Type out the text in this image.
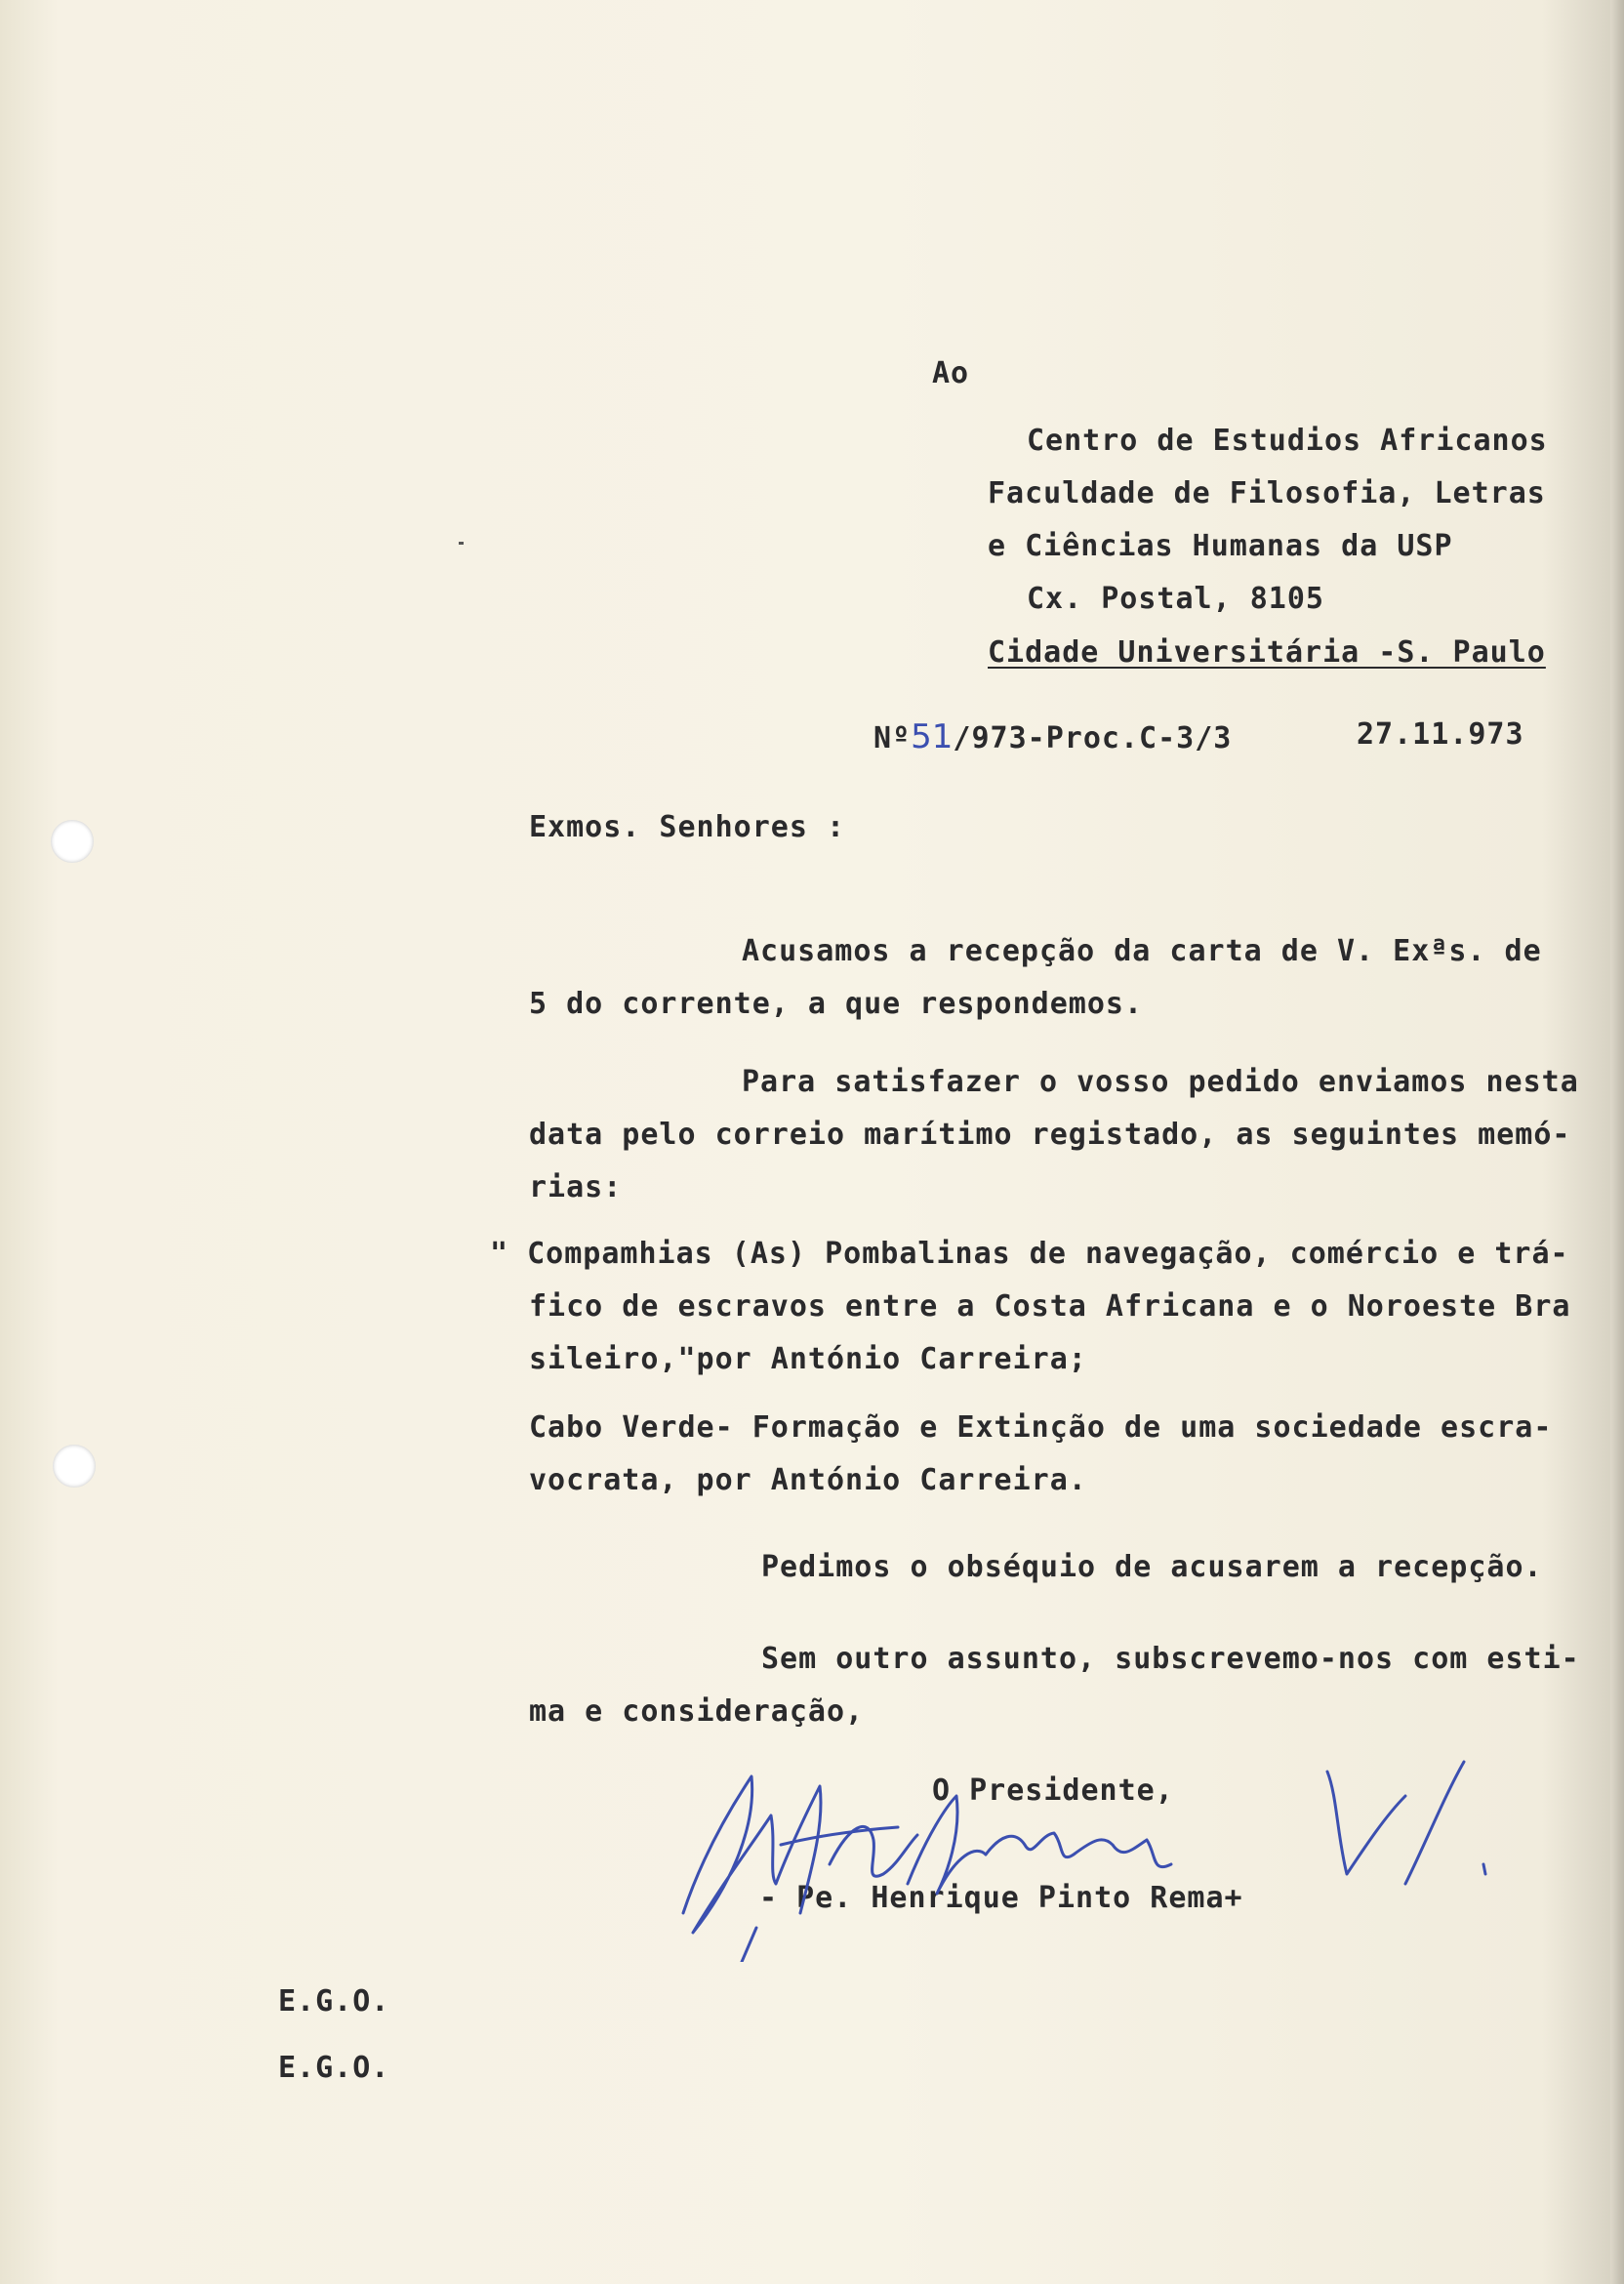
Ao
Centro de Estudios Africanos
Faculdade de Filosofia, Letras
e Ciências Humanas da USP
Cx. Postal, 8105
Cidade Universitária -S. Paulo
Nº51/973-Proc.C-3/3	27.11.973
Exmos. Senhores :
Acusamos a recepção da carta de V. Exªs. de
5 do corrente, a que respondemos.
Para satisfazer o vosso pedido enviamos nesta
data pelo correio marítimo registado, as seguintes memó-
rias:
" Compamhias (As) Pombalinas de navegação, comércio e trá-
fico de escravos entre a Costa Africana e o Noroeste Bra
sileiro,"por António Carreira;
Cabo Verde- Formação e Extinção de uma sociedade escra-
vocrata, por António Carreira.
Pedimos o obséquio de acusarem a recepção.
Sem outro assunto, subscrevemo-nos com esti-
ma e consideração,
O Presidente,
- Pe. Henrique Pinto Rema+
E.G.O.
E.G.O.
